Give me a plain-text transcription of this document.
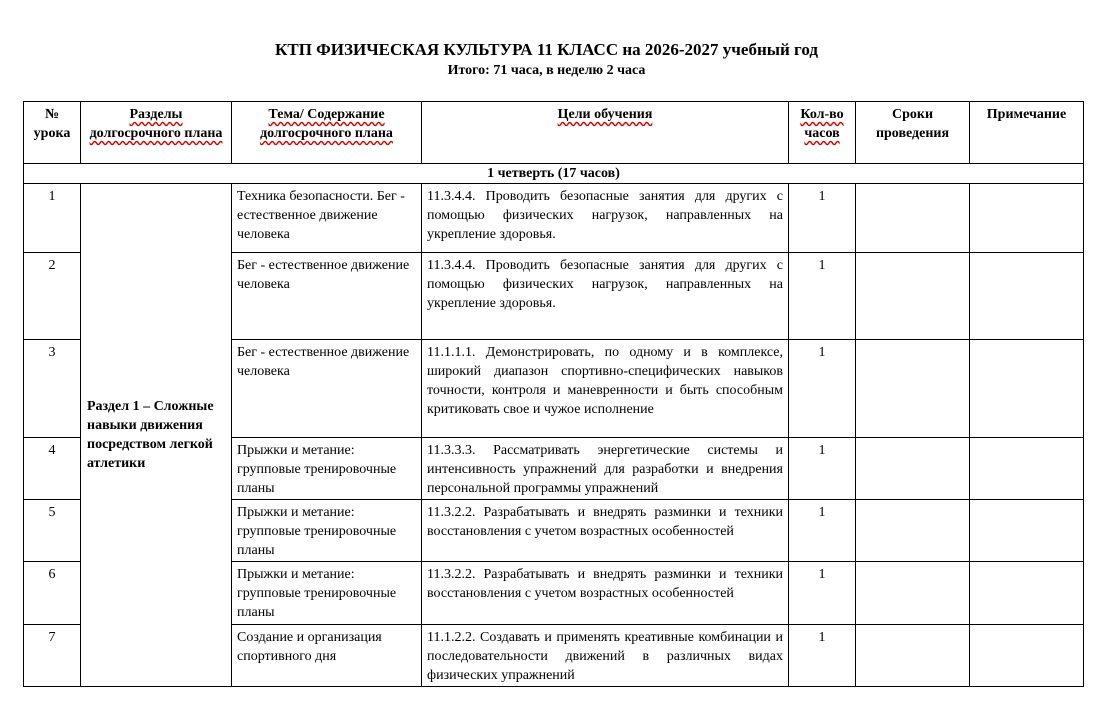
КТП ФИЗИЧЕСКАЯ КУЛЬТУРА 11 КЛАСС на 2026-2027 учебный год
Итого: 71 часа, в неделю 2 часа
№ урока	Разделы долгосрочного плана	Тема/ Содержание долгосрочного плана	Цели обучения	Кол-во часов	Сроки проведения	Примечание
1 четверть (17 часов)						
1	Раздел 1 – Сложные навыки движения посредством легкой атлетики	Техника безопасности. Бег - естественное движение человека	11.3.4.4. Проводить безопасные занятия для других с помощью физических нагрузок, направленных на укрепление здоровья.	1		
2		Бег - естественное движение человека	11.3.4.4. Проводить безопасные занятия для других с помощью физических нагрузок, направленных на укрепление здоровья.	1		
3		Бег - естественное движение человека	11.1.1.1. Демонстрировать, по одному и в комплексе, широкий диапазон спортивно-специфических навыков точности, контроля и маневренности и быть способным критиковать свое и чужое исполнение	1		
4		Прыжки и метание: групповые тренировочные планы	11.3.3.3. Рассматривать энергетические системы и интенсивность упражнений для разработки и внедрения персональной программы упражнений	1		
5		Прыжки и метание: групповые тренировочные планы	11.3.2.2. Разрабатывать и внедрять разминки и техники восстановления с учетом возрастных особенностей	1		
6		Прыжки и метание: групповые тренировочные планы	11.3.2.2. Разрабатывать и внедрять разминки и техники восстановления с учетом возрастных особенностей	1		
7		Создание и организация спортивного дня	11.1.2.2. Создавать и применять креативные комбинации и последовательности движений в различных видах физических упражнений	1		
